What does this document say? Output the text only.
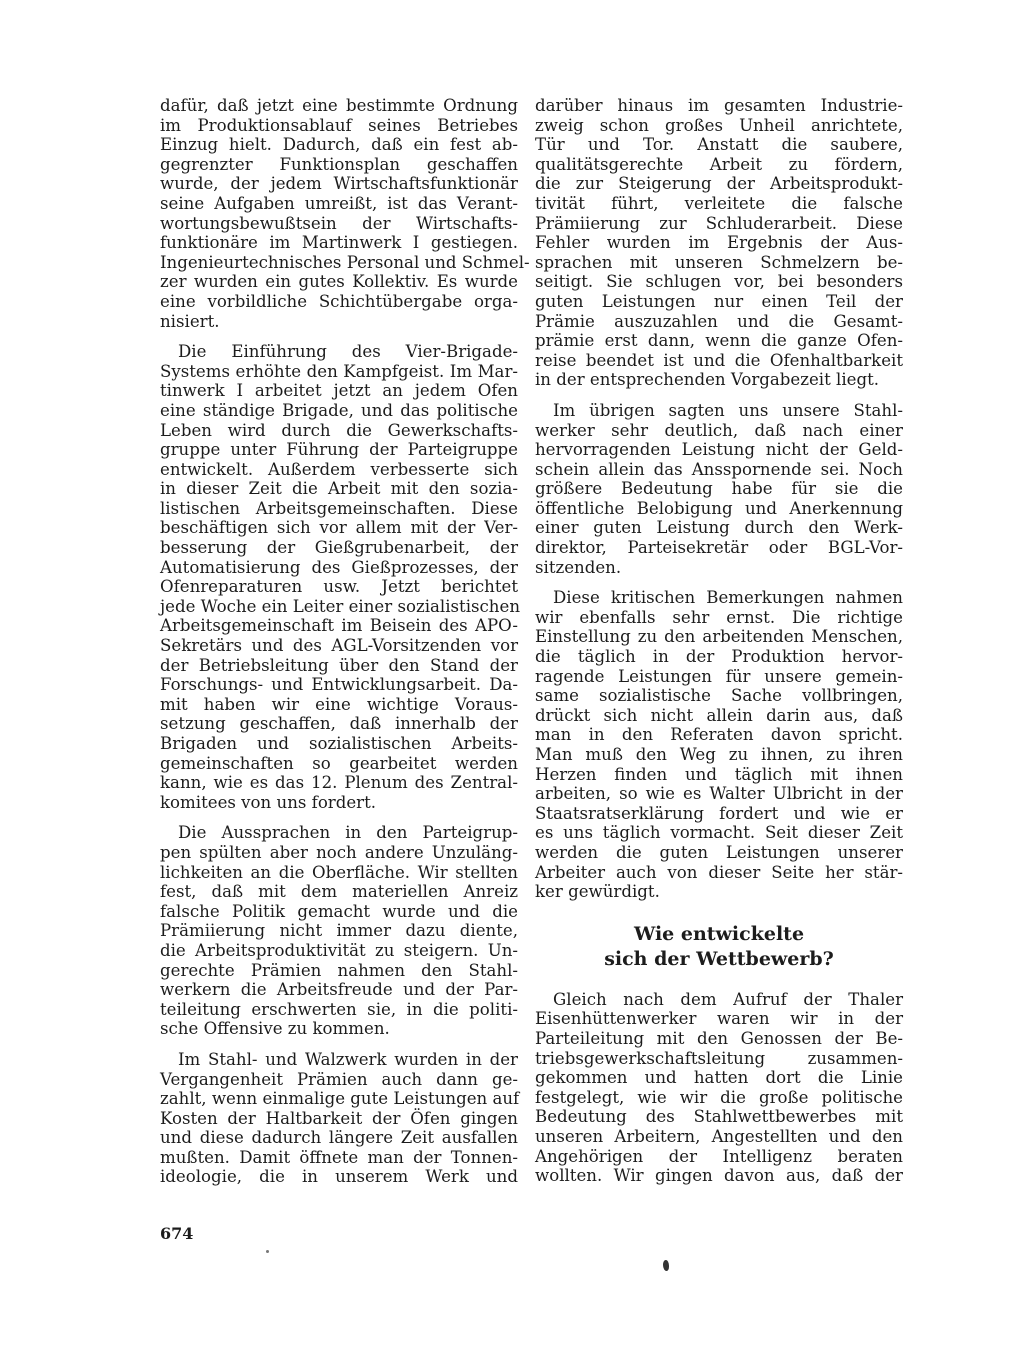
dafür, daß jetzt eine bestimmte Ordnung
im Produktionsablauf seines Betriebes
Einzug hielt. Dadurch, daß ein fest ab-
gegrenzter Funktionsplan geschaffen
wurde, der jedem Wirtschaftsfunktionär
seine Aufgaben umreißt, ist das Verant-
wortungsbewußtsein der Wirtschafts-
funktionäre im Martinwerk I gestiegen.
Ingenieurtechnisches Personal und Schmel-
zer wurden ein gutes Kollektiv. Es wurde
eine vorbildliche Schichtübergabe orga-
nisiert.
Die Einführung des Vier-Brigade-
Systems erhöhte den Kampfgeist. Im Mar-
tinwerk I arbeitet jetzt an jedem Ofen
eine ständige Brigade, und das politische
Leben wird durch die Gewerkschafts-
gruppe unter Führung der Parteigruppe
entwickelt. Außerdem verbesserte sich
in dieser Zeit die Arbeit mit den sozia-
listischen Arbeitsgemeinschaften. Diese
beschäftigen sich vor allem mit der Ver-
besserung der Gießgrubenarbeit, der
Automatisierung des Gießprozesses, der
Ofenreparaturen usw. Jetzt berichtet
jede Woche ein Leiter einer sozialistischen
Arbeitsgemeinschaft im Beisein des APO-
Sekretärs und des AGL-Vorsitzenden vor
der Betriebsleitung über den Stand der
Forschungs- und Entwicklungsarbeit. Da-
mit haben wir eine wichtige Voraus-
setzung geschaffen, daß innerhalb der
Brigaden und sozialistischen Arbeits-
gemeinschaften so gearbeitet werden
kann, wie es das 12. Plenum des Zentral-
komitees von uns fordert.
Die Aussprachen in den Parteigrup-
pen spülten aber noch andere Unzuläng-
lichkeiten an die Oberfläche. Wir stellten
fest, daß mit dem materiellen Anreiz
falsche Politik gemacht wurde und die
Prämiierung nicht immer dazu diente,
die Arbeitsproduktivität zu steigern. Un-
gerechte Prämien nahmen den Stahl-
werkern die Arbeitsfreude und der Par-
teileitung erschwerten sie, in die politi-
sche Offensive zu kommen.
Im Stahl- und Walzwerk wurden in der
Vergangenheit Prämien auch dann ge-
zahlt, wenn einmalige gute Leistungen auf
Kosten der Haltbarkeit der Öfen gingen
und diese dadurch längere Zeit ausfallen
mußten. Damit öffnete man der Tonnen-
ideologie, die in unserem Werk und
darüber hinaus im gesamten Industrie-
zweig schon großes Unheil anrichtete,
Tür und Tor. Anstatt die saubere,
qualitätsgerechte Arbeit zu fördern,
die zur Steigerung der Arbeitsprodukt-
tivität führt, verleitete die falsche
Prämiierung zur Schluderarbeit. Diese
Fehler wurden im Ergebnis der Aus-
sprachen mit unseren Schmelzern be-
seitigt. Sie schlugen vor, bei besonders
guten Leistungen nur einen Teil der
Prämie auszuzahlen und die Gesamt-
prämie erst dann, wenn die ganze Ofen-
reise beendet ist und die Ofenhaltbarkeit
in der entsprechenden Vorgabezeit liegt.
Im übrigen sagten uns unsere Stahl-
werker sehr deutlich, daß nach einer
hervorragenden Leistung nicht der Geld-
schein allein das Ansspornende sei. Noch
größere Bedeutung habe für sie die
öffentliche Belobigung und Anerkennung
einer guten Leistung durch den Werk-
direktor, Parteisekretär oder BGL-Vor-
sitzenden.
Diese kritischen Bemerkungen nahmen
wir ebenfalls sehr ernst. Die richtige
Einstellung zu den arbeitenden Menschen,
die täglich in der Produktion hervor-
ragende Leistungen für unsere gemein-
same sozialistische Sache vollbringen,
drückt sich nicht allein darin aus, daß
man in den Referaten davon spricht.
Man muß den Weg zu ihnen, zu ihren
Herzen finden und täglich mit ihnen
arbeiten, so wie es Walter Ulbricht in der
Staatsratserklärung fordert und wie er
es uns täglich vormacht. Seit dieser Zeit
werden die guten Leistungen unserer
Arbeiter auch von dieser Seite her stär-
ker gewürdigt.
Wie entwickelte
sich der Wettbewerb?
Gleich nach dem Aufruf der Thaler
Eisenhüttenwerker waren wir in der
Parteileitung mit den Genossen der Be-
triebsgewerkschaftsleitung zusammen-
gekommen und hatten dort die Linie
festgelegt, wie wir die große politische
Bedeutung des Stahlwettbewerbes mit
unseren Arbeitern, Angestellten und den
Angehörigen der Intelligenz beraten
wollten. Wir gingen davon aus, daß der
674
